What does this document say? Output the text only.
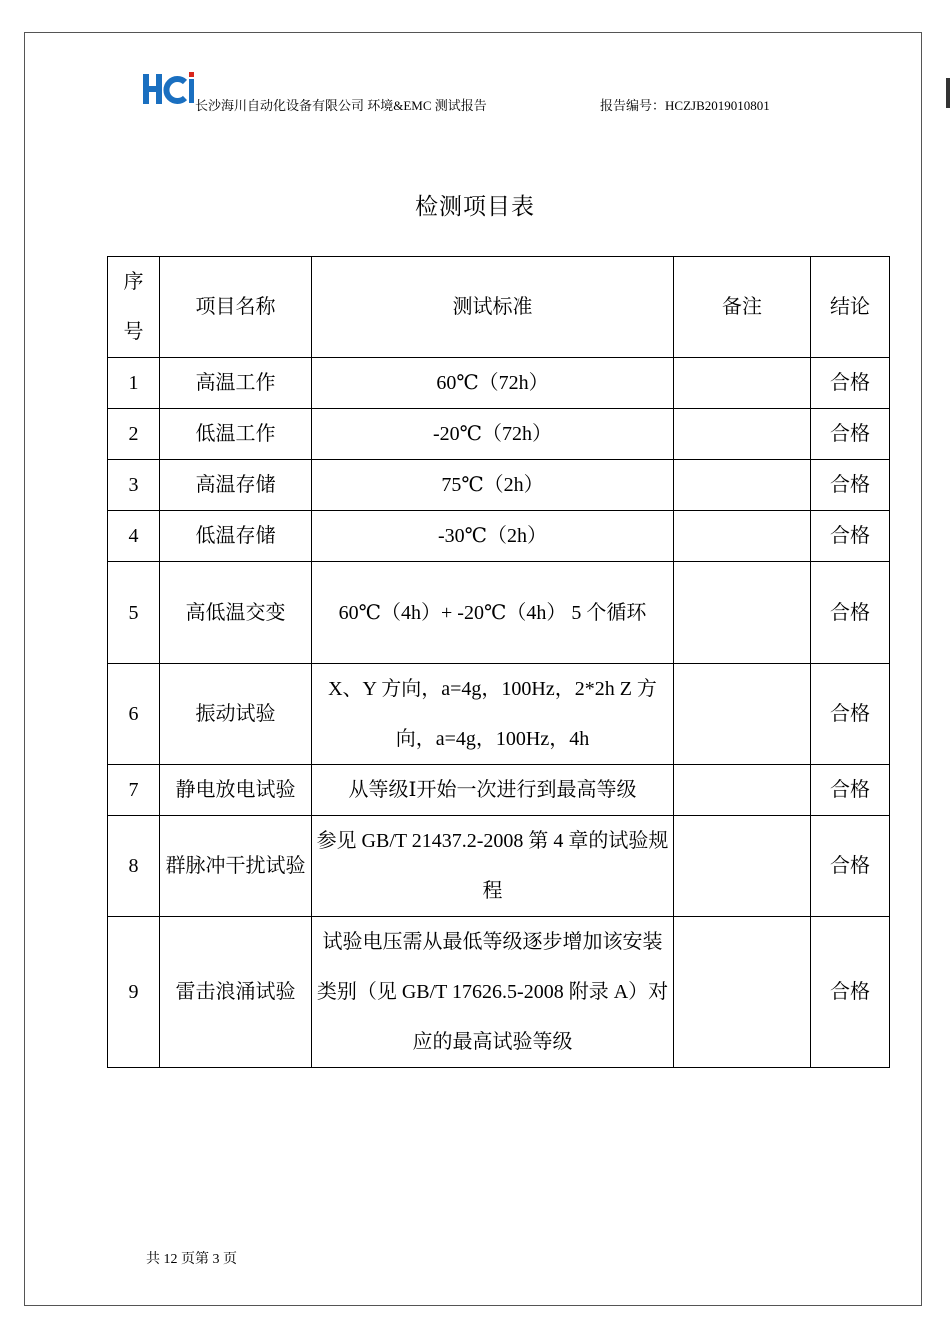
长沙海川自动化设备有限公司 环境&EMC 测试报告	报告编号：HCZJB2019010801
检测项目表
序号	项目名称	测试标准	备注	结论

1	高温工作	60℃（72h）		合格

2	低温工作	-20℃（72h）		合格

3	高温存储	75℃（2h）		合格

4	低温存储	-30℃（2h）		合格

5	高低温交变	60℃（4h）+ -20℃（4h） 5 个循环		合格

6	振动试验	X、Y 方向，a=4g，100Hz，2*2h Z 方向，a=4g，100Hz，4h		合格

7	静电放电试验	从等级Ⅰ开始一次进行到最高等级		合格

8	群脉冲干扰试验	参见 GB/T 21437.2-2008 第 4 章的试验规程		合格

9	雷击浪涌试验	试验电压需从最低等级逐步增加该安装类别（见 GB/T 17626.5-2008 附录 A）对应的最高试验等级		合格
共 12 页第 3 页
